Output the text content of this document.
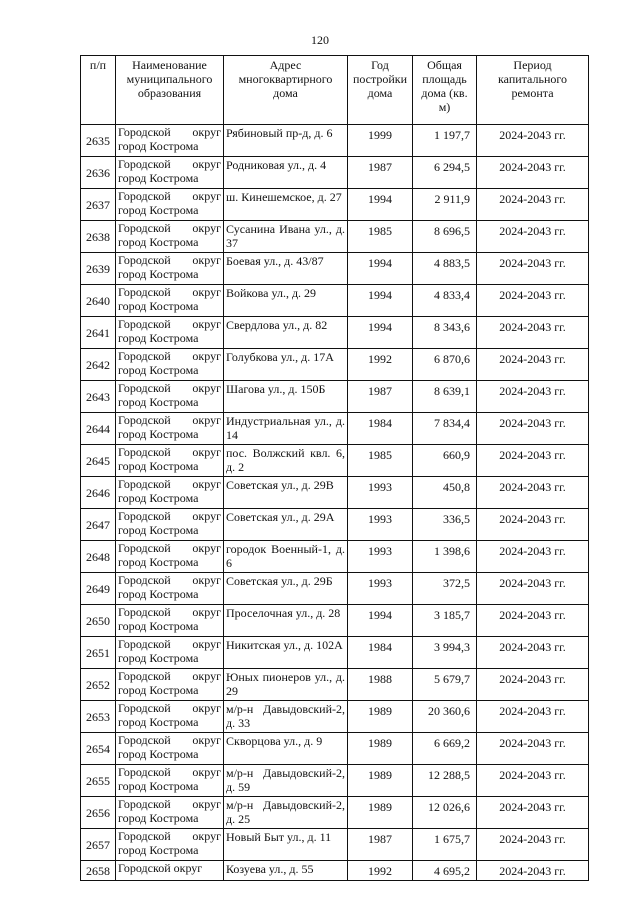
120
п/п	Наименование муниципального образования	Адрес многоквартирного дома	Год постройки дома	Общая площадь дома (кв. м)	Период капитального ремонта
2635	Городской округ город Кострома	Рябиновый пр-д, д. 6	1999	1 197,7	2024-2043 гг.
2636	Городской округ город Кострома	Родниковая ул., д. 4	1987	6 294,5	2024-2043 гг.
2637	Городской округ город Кострома	ш. Кинешемское, д. 27	1994	2 911,9	2024-2043 гг.
2638	Городской округ город Кострома	Сусанина Ивана ул., д. 37	1985	8 696,5	2024-2043 гг.
2639	Городской округ город Кострома	Боевая ул., д. 43/87	1994	4 883,5	2024-2043 гг.
2640	Городской округ город Кострома	Войкова ул., д. 29	1994	4 833,4	2024-2043 гг.
2641	Городской округ город Кострома	Свердлова ул., д. 82	1994	8 343,6	2024-2043 гг.
2642	Городской округ город Кострома	Голубкова ул., д. 17А	1992	6 870,6	2024-2043 гг.
2643	Городской округ город Кострома	Шагова ул., д. 150Б	1987	8 639,1	2024-2043 гг.
2644	Городской округ город Кострома	Индустриальная ул., д. 14	1984	7 834,4	2024-2043 гг.
2645	Городской округ город Кострома	пос. Волжский квл. 6, д. 2	1985	660,9	2024-2043 гг.
2646	Городской округ город Кострома	Советская ул., д. 29В	1993	450,8	2024-2043 гг.
2647	Городской округ город Кострома	Советская ул., д. 29А	1993	336,5	2024-2043 гг.
2648	Городской округ город Кострома	городок Военный-1, д. 6	1993	1 398,6	2024-2043 гг.
2649	Городской округ город Кострома	Советская ул., д. 29Б	1993	372,5	2024-2043 гг.
2650	Городской округ город Кострома	Проселочная ул., д. 28	1994	3 185,7	2024-2043 гг.
2651	Городской округ город Кострома	Никитская ул., д. 102А	1984	3 994,3	2024-2043 гг.
2652	Городской округ город Кострома	Юных пионеров ул., д. 29	1988	5 679,7	2024-2043 гг.
2653	Городской округ город Кострома	м/р-н Давыдовский-2, д. 33	1989	20 360,6	2024-2043 гг.
2654	Городской округ город Кострома	Скворцова ул., д. 9	1989	6 669,2	2024-2043 гг.
2655	Городской округ город Кострома	м/р-н Давыдовский-2, д. 59	1989	12 288,5	2024-2043 гг.
2656	Городской округ город Кострома	м/р-н Давыдовский-2, д. 25	1989	12 026,6	2024-2043 гг.
2657	Городской округ город Кострома	Новый Быт ул., д. 11	1987	1 675,7	2024-2043 гг.
2658	Городской округ	Козуева ул., д. 55	1992	4 695,2	2024-2043 гг.
